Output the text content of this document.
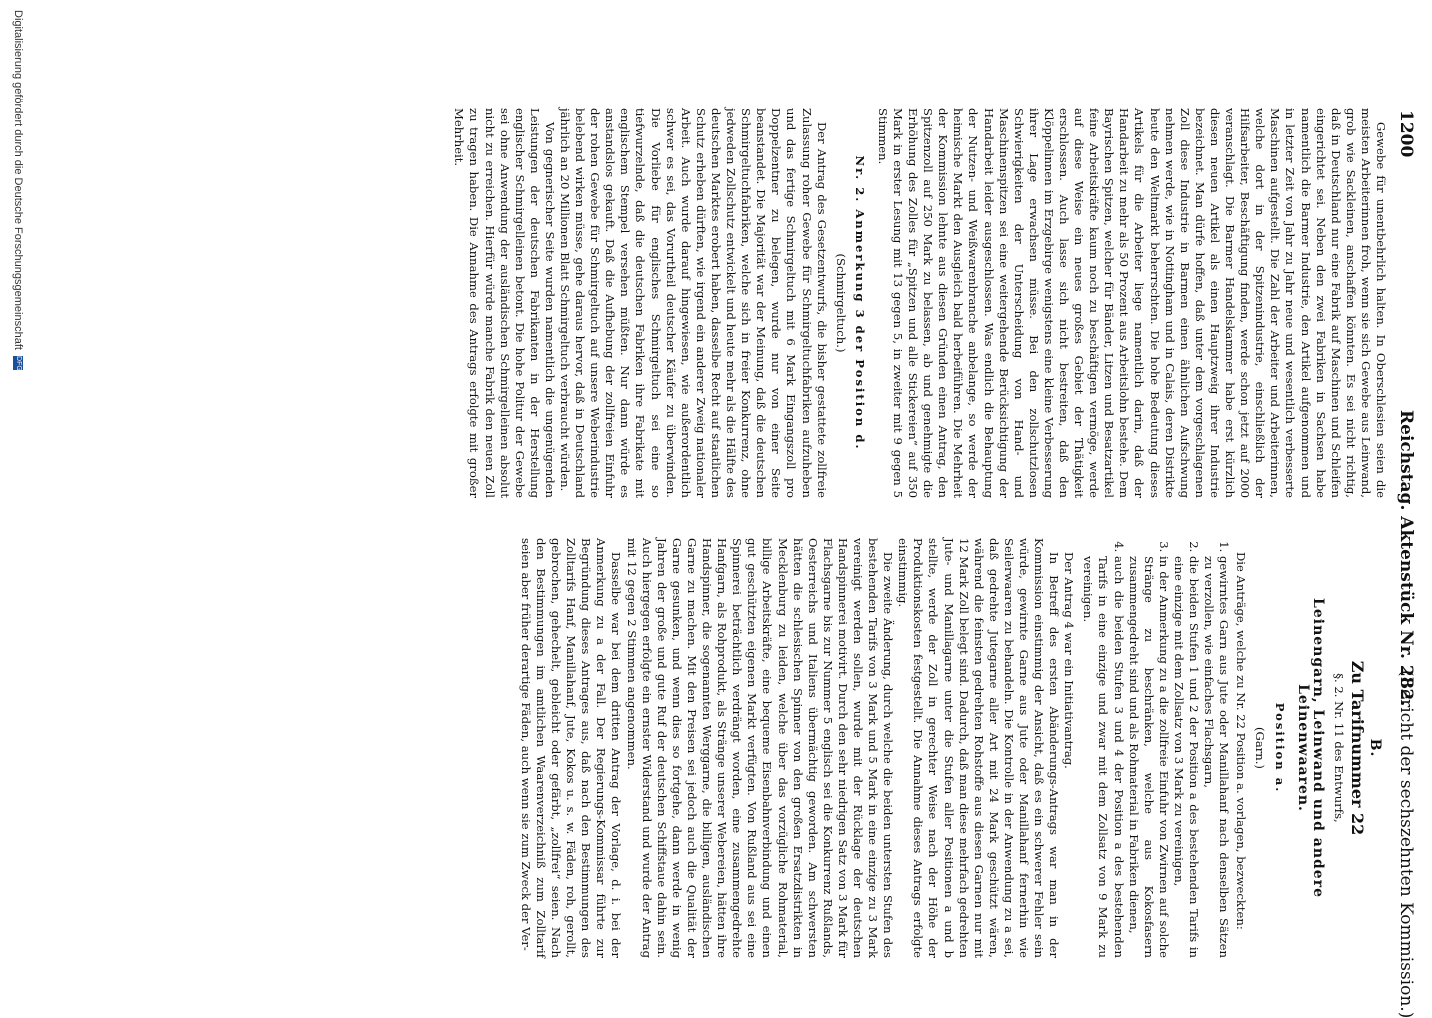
1200
Reichstag. Aktenstück Nr. 282.
(Bericht der sechszehnten Kommission.)

Gewebe für unentbehrlich halten. In Oberschlesien seien die meisten Arbeiterinnen froh, wenn sie sich Gewebe aus Leinwand, grob wie Sackleinen, anschaffen könnten. Es sei nicht richtig, daß in Deutschland nur eine Fabrik auf Maschinen und Schleifen eingerichtet sei. Neben den zwei Fabriken in Sachsen habe namentlich die Barmer Industrie, den Artikel aufgenommen und in letzter Zeit von Jahr zu Jahr neue und wesentlich verbesserte Maschinen aufgestellt. Die Zahl der Arbeiter und Arbeiterinnen, welche dort in der Spitzenindustrie, einschließlich der Hilfsarbeiter, Beschäftigung finden, werde schon jetzt auf 2000 veranschlagt. Die Barmer Handelskammer habe erst kürzlich diesen neuen Artikel als einen Hauptzweig ihrer Industrie bezeichnet. Man dürfe hoffen, daß unter dem vorgeschlagenen Zoll diese Industrie in Barmen einen ähnlichen Aufschwung nehmen werde, wie in Nottingham und in Calais, deren Distrikte heute den Weltmarkt beherrschten. Die hohe Bedeutung dieses Artikels für die Arbeiter liege namentlich darin, daß der Handarbeit zu mehr als 50 Prozent aus Arbeitslohn bestehe. Dem Bayrischen Spitzen, welcher für Bänder, Litzen und Besatzartikel feine Arbeitskräfte kaum noch zu beschäftigen vermöge, werde auf diese Weise ein neues großes Gebiet der Thätigkeit erschlossen. Auch lasse sich nicht bestreiten, daß den Klöppelinnen im Erzgebirge wenigstens eine kleine Verbesserung ihrer Lage erwachsen müsse. Bei den zollschutzlosen Schwierigkeiten der Unterscheidung von Hand- und Maschinenspitzen sei eine weitergehende Berücksichtigung der Handarbeit leider ausgeschlossen. Was endlich die Behauptung der Nutzen- und Weißwarenbranche anbelange, so werde der heimische Markt den Ausgleich bald herbeiführen. Die Mehrheit der Kommission lehnte aus diesen Gründen einen Antrag, den Spitzenzoll auf 250 Mark zu belassen, ab und genehmigte die Erhöhung des Zolles für „Spitzen und alle Stickereien“ auf 350 Mark in erster Lesung mit 13 gegen 5, in zweiter mit 9 gegen 5 Stimmen.

Nr. 2. Anmerkung 3 der Position d.

(Schmirgeltuch.)

Der Antrag des Gesetzentwurfs, die bisher gestattete zollfreie Zulassung roher Gewebe für Schmirgeltuchfabriken aufzuheben und das fertige Schmirgeltuch mit 6 Mark Eingangszoll pro Doppelzentner zu belegen, wurde nur von einer Seite beanstandet. Die Majorität war der Meinung, daß die deutschen Schmirgeltuchfabriken, welche sich in freier Konkurrenz, ohne jedweden Zollschutz entwickelt und heute mehr als die Hälfte des deutschen Marktes erobert haben, dasselbe Recht auf staatlichen Schutz erheben dürften, wie irgend ein anderer Zweig nationaler Arbeit. Auch wurde darauf hingewiesen, wie außerordentlich schwer es sei, das Vorurtheil deutscher Käufer zu überwinden. Die Vorliebe für englisches Schmirgeltuch sei eine so tiefwurzelnde, daß die deutschen Fabriken ihre Fabrikate mit englischem Stempel versehen müßten. Nur dann würde es anstandslos gekauft. Daß die Aufhebung der zollfreien Einfuhr der rohen Gewebe für Schmirgeltuch auf unsere Weberindustrie belebend wirken müsse, gehe daraus hervor, daß in Deutschland jährlich an 20 Millionen Blatt Schmirgeltuch verbraucht würden.

Von gegnerischer Seite wurden namentlich die ungenügenden Leistungen der deutschen Fabrikanten in der Herstellung englischer Schmirgelleinen betont. Die hohe Politur der Gewebe sei ohne Anwendung der ausländischen Schmirgelleinen absolut nicht zu erreichen. Hierfür würde manche Fabrik den neuen Zoll zu tragen haben. Die Annahme des Antrags erfolgte mit großer Mehrheit.

B.

Zu Tarifnummer 22

§. 2. Nr. 11 des Entwurfs,

Leinengarn, Leinwand und andere Leinenwaaren.

Position a.

(Garn.)

Die Anträge, welche zu Nr. 22 Position a. vorlagen, bezweckten:

1. gewirntes Garn aus Jute oder Manillahanf nach denselben Sätzen zu verzollen, wie einfaches Flachsgarn,
2. die beiden Stufen 1 und 2 der Position a des bestehenden Tarifs in eine einzige mit dem Zollsatz von 3 Mark zu vereinigen,
3. in der Anmerkung zu a die zollfreie Einfuhr von Zwirnen auf solche Stränge zu beschränken, welche aus Kokosfasern zusammengedreht sind und als Rohmaterial in Fabriken dienen,
4. auch die beiden Stufen 3 und 4 der Position a des bestehenden Tarifs in eine einzige und zwar mit dem Zollsatz von 9 Mark zu vereinigen.

Der Antrag 4 war ein Initiativantrag.

In Betreff des ersten Abänderungs-Antrags war man in der Kommission einstimmig der Ansicht, daß es ein schwerer Fehler sein würde, gewirnte Garne aus Jute oder Manillahanf fernerhin wie Seilerwaaren zu behandeln. Die Kontrolle in der Anwendung zu a sei, daß gedrehte Jutegarne aller Art mit 24 Mark geschützt wären, während die feinsten gedrehten Rohstoffe aus diesen Garnen nur mit 12 Mark Zoll belegt sind. Dadurch, daß man diese mehrfach gedrehten Jute- und Manillagarne unter die Stufen aller Positionen a und b stellte, werde der Zoll in gerechter Weise nach der Höhe der Produktionskosten festgestellt. Die Annahme dieses Antrags erfolgte einstimmig.

Die zweite Änderung, durch welche die beiden untersten Stufen des bestehenden Tarifs von 3 Mark und 5 Mark in eine einzige zu 3 Mark vereinigt werden sollen, wurde mit der Rücklage der deutschen Handspinnerei motivirt. Durch den sehr niedrigen Satz von 3 Mark für Flachsgarne bis zur Nummer 5 englisch sei die Konkurrenz Rußlands, Oesterreichs und Italiens übermächtig geworden. Am schwersten hätten die schlesischen Spinner von den großen Ersatzdistrikten in Mecklenburg zu leiden, welche über das vorzügliche Rohmaterial, billige Arbeitskräfte, eine bequeme Eisenbahnverbindung und einen gut geschützten eigenen Markt verfügten. Von Rußland aus sei eine Spinnerei beträchtlich verdrängt worden, eine zusammengedrehte Hanfgarn, als Rohprodukt, als Stränge unserer Webereien, hätten ihre Handspinner, die sogenannten Werggarne, die billigen, ausländischen Garne zu machen. Mit den Preisen sei jedoch auch die Qualität der Garne gesunken, und wenn dies so fortgehe, dann werde in wenig Jahren der große und gute Ruf der deutschen Schiffstaue dahin sein. Auch hiergegen erfolgte ein ernster Widerstand und wurde der Antrag mit 12 gegen 2 Stimmen angenommen.

Dasselbe war bei dem dritten Antrag der Vorlage, d. i. bei der Anmerkung zu a der Fall. Der Regierungs-Kommissar führte zur Begründung dieses Antrages aus, daß nach den Bestimmungen des Zolltarifs Hanf, Manillahanf, Jute, Kokos u. s. w. Fäden, roh, gerollt, gebrochen, gehechelt, gebleicht oder gefärbt, „zollfrei“ seien. Nach den Bestimmungen im amtlichen Waarenverzeichniß zum Zolltarif seien aber früher derartige Fäden, auch wenn sie zum Zweck der Ver-

Digitalisierung gefördert durch die Deutsche Forschungsgemeinschaft DFG
